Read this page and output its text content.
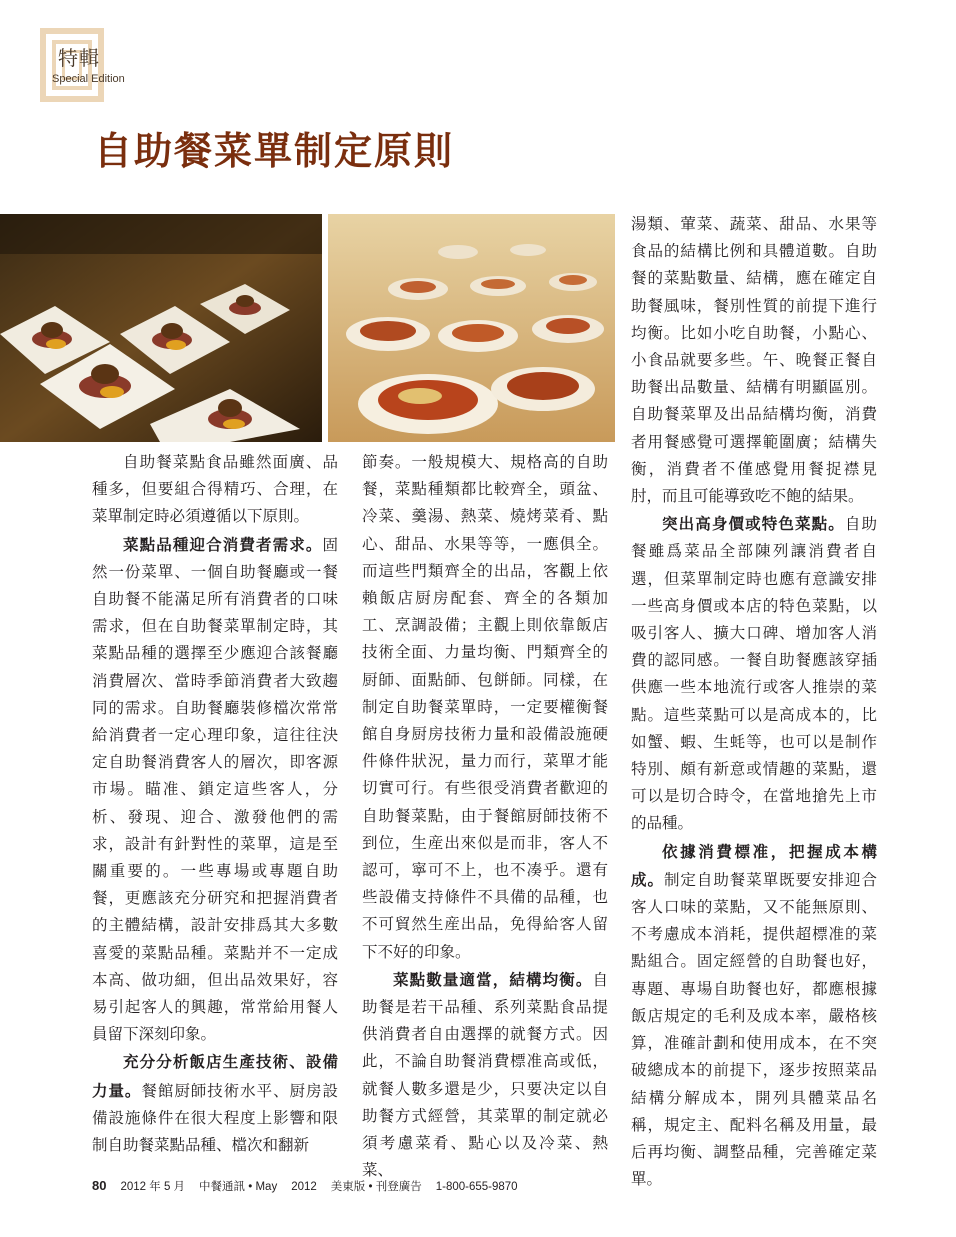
特輯
Special Edition
自助餐菜單制定原則

自助餐菜點食品雖然面廣、品種多，但要組合得精巧、合理，在菜單制定時必須遵循以下原則。

菜點品種迎合消費者需求。固然一份菜單、一個自助餐廳或一餐自助餐不能滿足所有消費者的口味需求，但在自助餐菜單制定時，其菜點品種的選擇至少應迎合該餐廳消費層次、當時季節消費者大致趨同的需求。自助餐廳裝修檔次常常給消費者一定心理印象，這往往決定自助餐消費客人的層次，即客源市場。瞄准、鎖定這些客人，分析、發現、迎合、激發他們的需求，設計有針對性的菜單，這是至關重要的。一些專場或專題自助餐，更應該充分研究和把握消費者的主體結構，設計安排爲其大多數喜愛的菜點品種。菜點并不一定成本高、做功細，但出品效果好，容易引起客人的興趣，常常給用餐人員留下深刻印象。

充分分析飯店生產技術、設備力量。餐館厨師技術水平、厨房設備設施條件在很大程度上影響和限制自助餐菜點品種、檔次和翻新

節奏。一般規模大、規格高的自助餐，菜點種類都比較齊全，頭盆、冷菜、羹湯、熱菜、燒烤菜肴、點心、甜品、水果等等，一應俱全。而這些門類齊全的出品，客觀上依賴飯店厨房配套、齊全的各類加工、烹調設備；主觀上則依靠飯店技術全面、力量均衡、門類齊全的厨師、面點師、包餅師。同樣，在制定自助餐菜單時，一定要權衡餐館自身厨房技術力量和設備設施硬件條件狀況，量力而行，菜單才能切實可行。有些很受消費者歡迎的自助餐菜點，由于餐館厨師技術不到位，生産出來似是而非，客人不認可，寧可不上，也不凑乎。還有些設備支持條件不具備的品種，也不可貿然生産出品，免得給客人留下不好的印象。

菜點數量適當，結構均衡。自助餐是若干品種、系列菜點食品提供消費者自由選擇的就餐方式。因此，不論自助餐消費標准高或低，就餐人數多還是少，只要决定以自助餐方式經營，其菜單的制定就必須考慮菜肴、點心以及冷菜、熱菜、

湯類、葷菜、蔬菜、甜品、水果等食品的結構比例和具體道數。自助餐的菜點數量、結構，應在確定自助餐風味，餐別性質的前提下進行均衡。比如小吃自助餐，小點心、小食品就要多些。午、晚餐正餐自助餐出品數量、結構有明顯區別。自助餐菜單及出品結構均衡，消費者用餐感覺可選擇範圍廣；結構失衡，消費者不僅感覺用餐捉襟見肘，而且可能導致吃不飽的結果。

突出高身價或特色菜點。自助餐雖爲菜品全部陳列讓消費者自選，但菜單制定時也應有意識安排一些高身價或本店的特色菜點，以吸引客人、擴大口碑、增加客人消費的認同感。一餐自助餐應該穿插供應一些本地流行或客人推崇的菜點。這些菜點可以是高成本的，比如蟹、蝦、生蚝等，也可以是制作特別、頗有新意或情趣的菜點，還可以是切合時令，在當地搶先上市的品種。

依據消費標准，把握成本構成。制定自助餐菜單既要安排迎合客人口味的菜點，又不能無原則、不考慮成本消耗，提供超標准的菜點組合。固定經營的自助餐也好，專題、專場自助餐也好，都應根據飯店規定的毛利及成本率，嚴格核算，准確計劃和使用成本，在不突破總成本的前提下，逐步按照菜品結構分解成本，開列具體菜品名稱，規定主、配料名稱及用量，最后再均衡、調整品種，完善確定菜單。

80 2012 年 5 月 中餐通訊 • May 2012 美東版 • 刊登廣告 1-800-655-9870
